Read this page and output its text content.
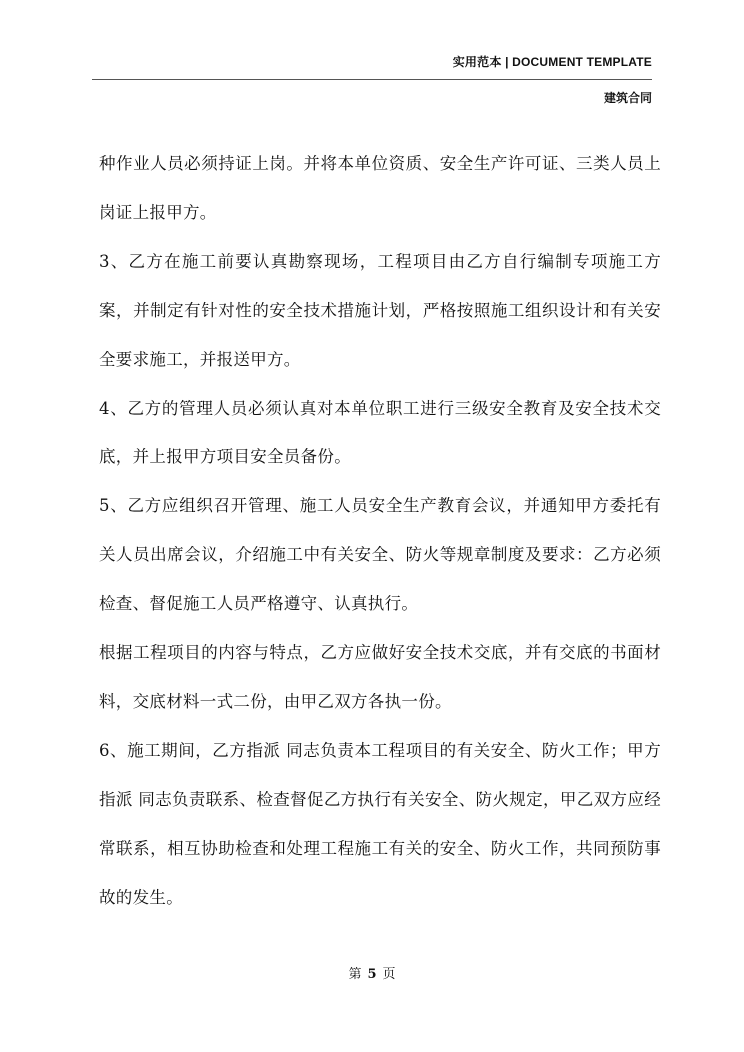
实用范本 | DOCUMENT TEMPLATE
建筑合同

种作业人员必须持证上岗。并将本单位资质、安全生产许可证、三类人员上岗证上报甲方。

3、乙方在施工前要认真勘察现场，工程项目由乙方自行编制专项施工方案，并制定有针对性的安全技术措施计划，严格按照施工组织设计和有关安全要求施工，并报送甲方。

4、乙方的管理人员必须认真对本单位职工进行三级安全教育及安全技术交底，并上报甲方项目安全员备份。

5、乙方应组织召开管理、施工人员安全生产教育会议，并通知甲方委托有关人员出席会议，介绍施工中有关安全、防火等规章制度及要求：乙方必须检查、督促施工人员严格遵守、认真执行。

根据工程项目的内容与特点，乙方应做好安全技术交底，并有交底的书面材料，交底材料一式二份，由甲乙双方各执一份。

6、施工期间，乙方指派 同志负责本工程项目的有关安全、防火工作；甲方指派 同志负责联系、检查督促乙方执行有关安全、防火规定，甲乙双方应经常联系，相互协助检查和处理工程施工有关的安全、防火工作，共同预防事故的发生。

第 5 页
